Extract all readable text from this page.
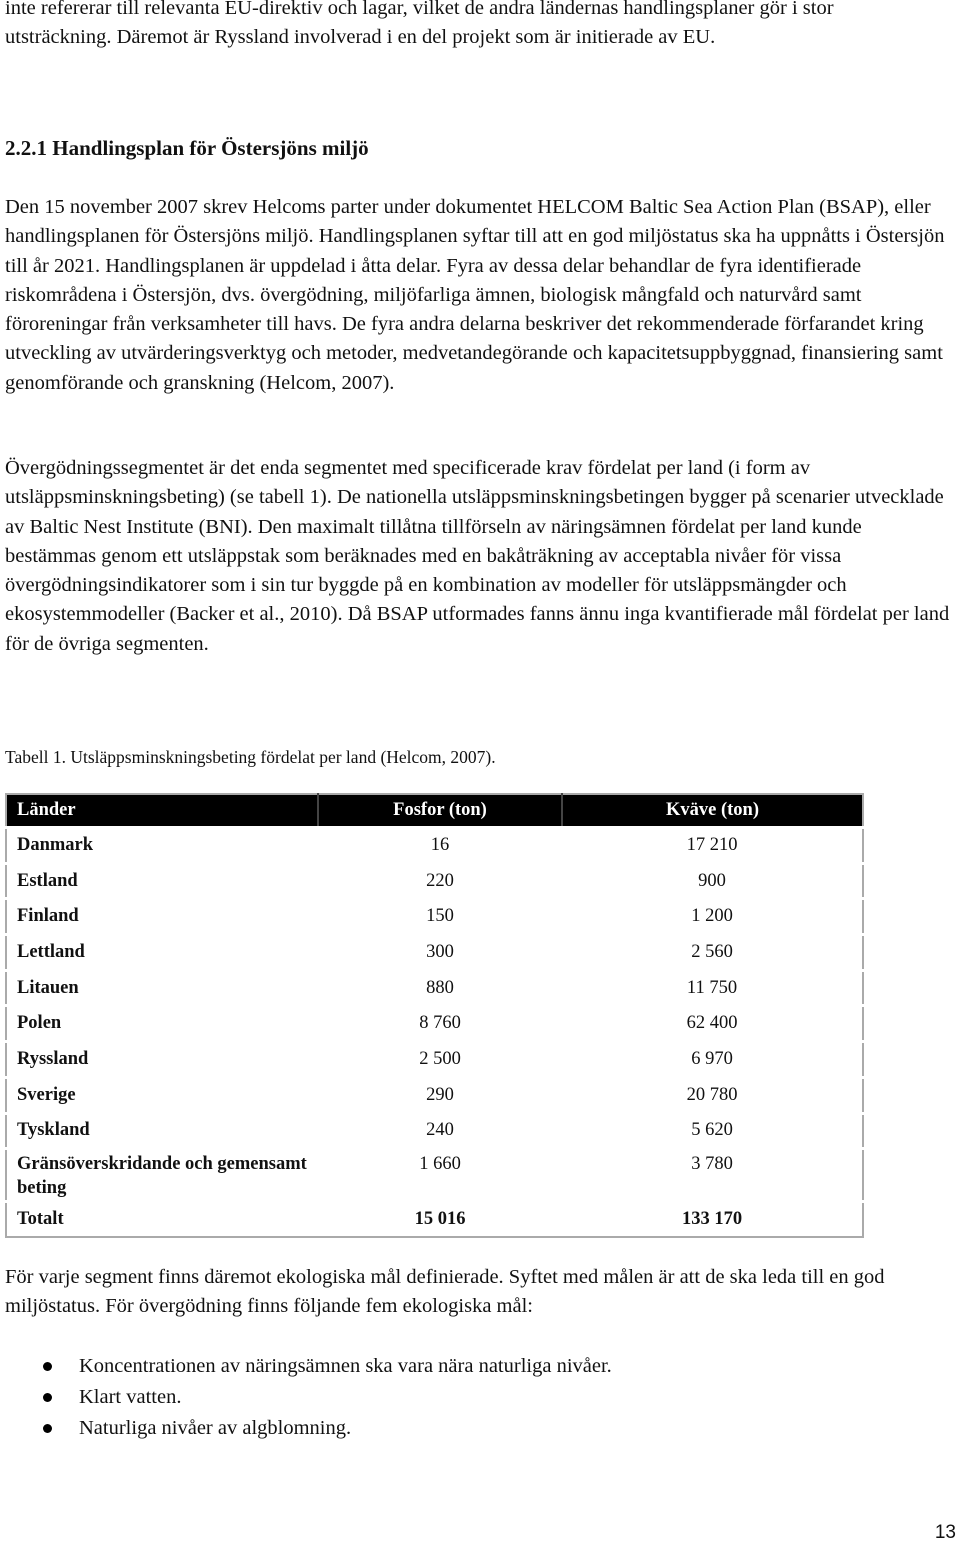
inte refererar till relevanta EU-direktiv och lagar, vilket de andra ländernas handlingsplaner gör i stor utsträckning. Däremot är Ryssland involverad i en del projekt som är initierade av EU.

2.2.1 Handlingsplan för Östersjöns miljö

Den 15 november 2007 skrev Helcoms parter under dokumentet HELCOM Baltic Sea Action Plan (BSAP), eller handlingsplanen för Östersjöns miljö. Handlingsplanen syftar till att en god miljöstatus ska ha uppnåtts i Östersjön till år 2021. Handlingsplanen är uppdelad i åtta delar. Fyra av dessa delar behandlar de fyra identifierade riskområdena i Östersjön, dvs. övergödning, miljöfarliga ämnen, biologisk mångfald och naturvård samt föroreningar från verksamheter till havs. De fyra andra delarna beskriver det rekommenderade förfarandet kring utveckling av utvärderingsverktyg och metoder, medvetandegörande och kapacitetsuppbyggnad, finansiering samt genomförande och granskning (Helcom, 2007).

Övergödningssegmentet är det enda segmentet med specificerade krav fördelat per land (i form av utsläppsminskningsbeting) (se tabell 1). De nationella utsläppsminskningsbetingen bygger på scenarier utvecklade av Baltic Nest Institute (BNI). Den maximalt tillåtna tillförseln av näringsämnen fördelat per land kunde bestämmas genom ett utsläppstak som beräknades med en bakåträkning av acceptabla nivåer för vissa övergödningsindikatorer som i sin tur byggde på en kombination av modeller för utsläppsmängder och ekosystemmodeller (Backer et al., 2010). Då BSAP utformades fanns ännu inga kvantifierade mål fördelat per land för de övriga segmenten.

Tabell 1. Utsläppsminskningsbeting fördelat per land (Helcom, 2007).
Länder	Fosfor (ton)	Kväve (ton)
Danmark	16	17 210
Estland	220	900
Finland	150	1 200
Lettland	300	2 560
Litauen	880	11 750
Polen	8 760	62 400
Ryssland	2 500	6 970
Sverige	290	20 780
Tyskland	240	5 620
Gränsöverskridande och gemensamt beting	1 660	3 780
Totalt	15 016	133 170

För varje segment finns däremot ekologiska mål definierade. Syftet med målen är att de ska leda till en god miljöstatus. För övergödning finns följande fem ekologiska mål:

Koncentrationen av näringsämnen ska vara nära naturliga nivåer.
Klart vatten.
Naturliga nivåer av algblomning.
13
